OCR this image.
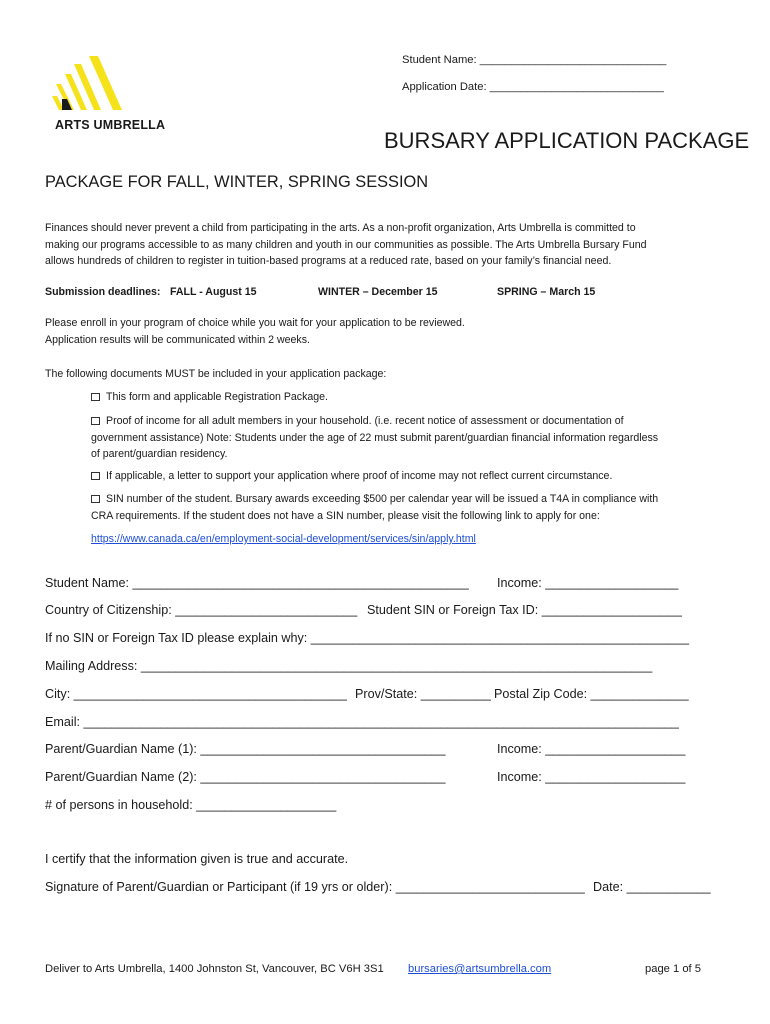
ARTS UMBRELLA
Student Name: ______________________________
Application Date: ____________________________
BURSARY APPLICATION PACKAGE
PACKAGE FOR FALL, WINTER, SPRING SESSION
Finances should never prevent a child from participating in the arts. As a non-profit organization, Arts Umbrella is committed to
making our programs accessible to as many children and youth in our communities as possible. The Arts Umbrella Bursary Fund
allows hundreds of children to register in tuition-based programs at a reduced rate, based on your family’s financial need.
Submission deadlines: FALL - August 15	WINTER – December 15	SPRING – March 15
Please enroll in your program of choice while you wait for your application to be reviewed.
Application results will be communicated within 2 weeks.
The following documents MUST be included in your application package:
This form and applicable Registration Package.
Proof of income for all adult members in your household. (i.e. recent notice of assessment or documentation of
government assistance) Note: Students under the age of 22 must submit parent/guardian financial information regardless
of parent/guardian residency.
If applicable, a letter to support your application where proof of income may not reflect current circumstance.
SIN number of the student. Bursary awards exceeding $500 per calendar year will be issued a T4A in compliance with
CRA requirements. If the student does not have a SIN number, please visit the following link to apply for one:
https://www.canada.ca/en/employment-social-development/services/sin/apply.html
Student Name: ________________________________________________ Income: ___________________
Country of Citizenship: __________________________ Student SIN or Foreign Tax ID: ____________________
If no SIN or Foreign Tax ID please explain why: ______________________________________________________
Mailing Address: _________________________________________________________________________
City: _______________________________________ Prov/State: __________ Postal Zip Code: ______________
Email: _____________________________________________________________________________________
Parent/Guardian Name (1): ___________________________________	Income: ____________________
Parent/Guardian Name (2): ___________________________________	Income: ____________________
# of persons in household: ____________________
I certify that the information given is true and accurate.
Signature of Parent/Guardian or Participant (if 19 yrs or older): ___________________________ Date: ____________
Deliver to Arts Umbrella, 1400 Johnston St, Vancouver, BC V6H 3S1 bursaries@artsumbrella.com	page 1 of 5
